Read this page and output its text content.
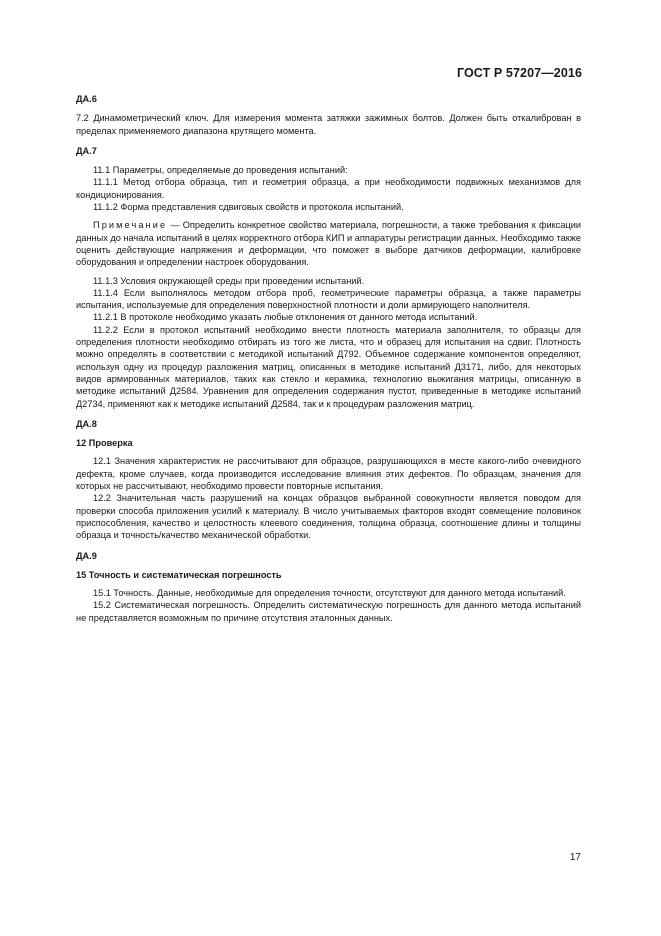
ГОСТ Р 57207—2016
ДА.6

7.2 Динамометрический ключ. Для измерения момента затяжки зажимных болтов. Должен быть откалиброван в пределах применяемого диапазона крутящего момента.

ДА.7

11.1 Параметры, определяемые до проведения испытаний:

11.1.1 Метод отбора образца, тип и геометрия образца, а при необходимости подвижных механизмов для кондиционирования.

11.1.2 Форма представления сдвиговых свойств и протокола испытаний.

Примечание — Определить конкретное свойство материала, погрешности, а также требования к фиксации данных до начала испытаний в целях корректного отбора КИП и аппаратуры регистрации данных. Необходимо также оценить действующие напряжения и деформации, что поможет в выборе датчиков деформации, калибровке оборудования и определении настроек оборудования.

11.1.3 Условия окружающей среды при проведении испытаний.

11.1.4 Если выполнялось методом отбора проб, геометрические параметры образца, а также параметры испытания, используемые для определения поверхностной плотности и доли армирующего наполнителя.

11.2.1 В протоколе необходимо указать любые отклонения от данного метода испытаний.

11.2.2 Если в протокол испытаний необходимо внести плотность материала заполнителя, то образцы для определения плотности необходимо отбирать из того же листа, что и образец для испытания на сдвиг. Плотность можно определять в соответствии с методикой испытаний Д792. Объемное содержание компонентов определяют, используя одну из процедур разложения матриц, описанных в методике испытаний Д3171, либо, для некоторых видов армированных материалов, таких как стекло и керамика, технологию выжигания матрицы, описанную в методике испытаний Д2584. Уравнения для определения содержания пустот, приведенные в методике испытаний Д2734, применяют как к методике испытаний Д2584, так и к процедурам разложения матриц.

ДА.8
12 Проверка

12.1 Значения характеристик не рассчитывают для образцов, разрушающихся в месте какого-либо очевидного дефекта, кроме случаев, когда производится исследование влияния этих дефектов. По образцам, значения для которых не рассчитывают, необходимо провести повторные испытания.

12.2 Значительная часть разрушений на концах образцов выбранной совокупности является поводом для проверки способа приложения усилий к материалу. В число учитываемых факторов входят совмещение половинок приспособления, качество и целостность клеевого соединения, толщина образца, соотношение длины и толщины образца и точность/качество механической обработки.

ДА.9
15 Точность и систематическая погрешность

15.1 Точность. Данные, необходимые для определения точности, отсутствуют для данного метода испытаний.

15.2 Систематическая погрешность. Определить систематическую погрешность для данного метода испытаний не представляется возможным по причине отсутствия эталонных данных.

17
